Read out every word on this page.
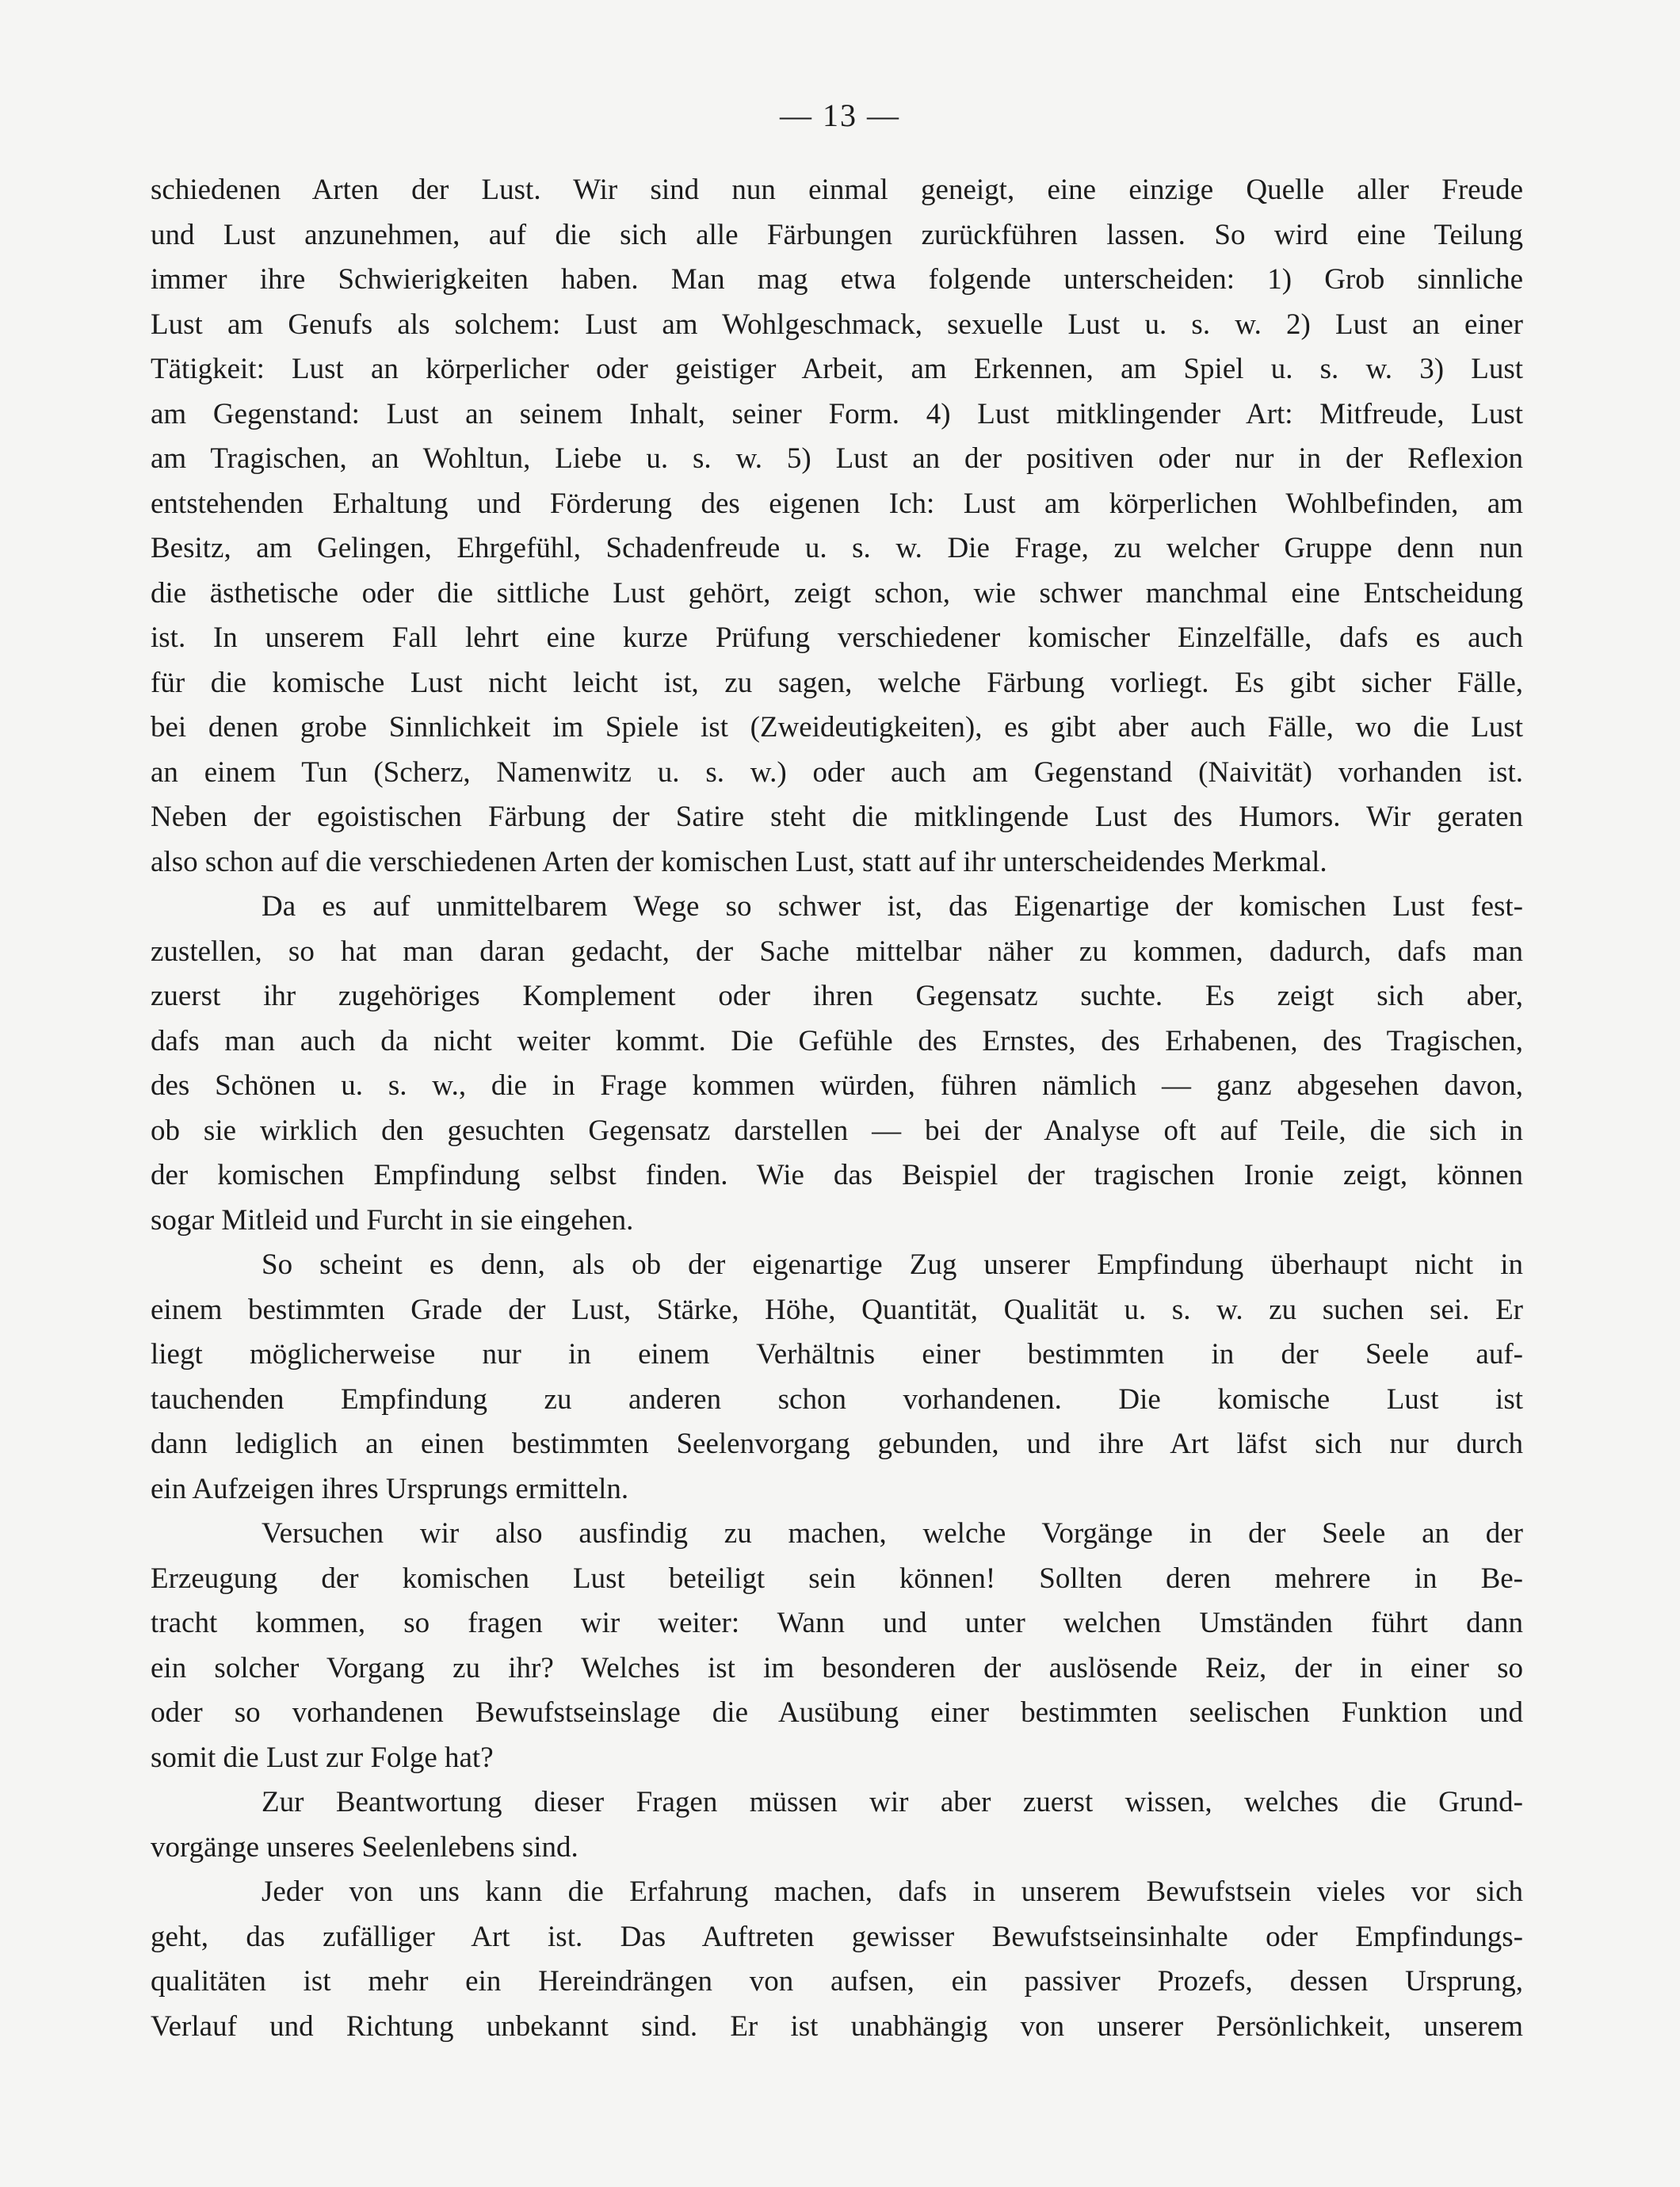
— 13 —
schiedenen Arten der Lust. Wir sind nun einmal geneigt, eine einzige Quelle aller Freude
und Lust anzunehmen, auf die sich alle Färbungen zurückführen lassen. So wird eine Teilung
immer ihre Schwierigkeiten haben. Man mag etwa folgende unterscheiden: 1) Grob sinnliche
Lust am Genufs als solchem: Lust am Wohlgeschmack, sexuelle Lust u. s. w. 2) Lust an einer
Tätigkeit: Lust an körperlicher oder geistiger Arbeit, am Erkennen, am Spiel u. s. w. 3) Lust
am Gegenstand: Lust an seinem Inhalt, seiner Form. 4) Lust mitklingender Art: Mitfreude, Lust
am Tragischen, an Wohltun, Liebe u. s. w. 5) Lust an der positiven oder nur in der Reflexion
entstehenden Erhaltung und Förderung des eigenen Ich: Lust am körperlichen Wohlbefinden, am
Besitz, am Gelingen, Ehrgefühl, Schadenfreude u. s. w. Die Frage, zu welcher Gruppe denn nun
die ästhetische oder die sittliche Lust gehört, zeigt schon, wie schwer manchmal eine Entscheidung
ist. In unserem Fall lehrt eine kurze Prüfung verschiedener komischer Einzelfälle, dafs es auch
für die komische Lust nicht leicht ist, zu sagen, welche Färbung vorliegt. Es gibt sicher Fälle,
bei denen grobe Sinnlichkeit im Spiele ist (Zweideutigkeiten), es gibt aber auch Fälle, wo die Lust
an einem Tun (Scherz, Namenwitz u. s. w.) oder auch am Gegenstand (Naivität) vorhanden ist.
Neben der egoistischen Färbung der Satire steht die mitklingende Lust des Humors. Wir geraten
also schon auf die verschiedenen Arten der komischen Lust, statt auf ihr unterscheidendes Merkmal.
Da es auf unmittelbarem Wege so schwer ist, das Eigenartige der komischen Lust fest-
zustellen, so hat man daran gedacht, der Sache mittelbar näher zu kommen, dadurch, dafs man
zuerst ihr zugehöriges Komplement oder ihren Gegensatz suchte. Es zeigt sich aber,
dafs man auch da nicht weiter kommt. Die Gefühle des Ernstes, des Erhabenen, des Tragischen,
des Schönen u. s. w., die in Frage kommen würden, führen nämlich — ganz abgesehen davon,
ob sie wirklich den gesuchten Gegensatz darstellen — bei der Analyse oft auf Teile, die sich in
der komischen Empfindung selbst finden. Wie das Beispiel der tragischen Ironie zeigt, können
sogar Mitleid und Furcht in sie eingehen.
So scheint es denn, als ob der eigenartige Zug unserer Empfindung überhaupt nicht in
einem bestimmten Grade der Lust, Stärke, Höhe, Quantität, Qualität u. s. w. zu suchen sei. Er
liegt möglicherweise nur in einem Verhältnis einer bestimmten in der Seele auf-
tauchenden Empfindung zu anderen schon vorhandenen. Die komische Lust ist
dann lediglich an einen bestimmten Seelenvorgang gebunden, und ihre Art läfst sich nur durch
ein Aufzeigen ihres Ursprungs ermitteln.
Versuchen wir also ausfindig zu machen, welche Vorgänge in der Seele an der
Erzeugung der komischen Lust beteiligt sein können! Sollten deren mehrere in Be-
tracht kommen, so fragen wir weiter: Wann und unter welchen Umständen führt dann
ein solcher Vorgang zu ihr? Welches ist im besonderen der auslösende Reiz, der in einer so
oder so vorhandenen Bewufstseinslage die Ausübung einer bestimmten seelischen Funktion und
somit die Lust zur Folge hat?
Zur Beantwortung dieser Fragen müssen wir aber zuerst wissen, welches die Grund-
vorgänge unseres Seelenlebens sind.
Jeder von uns kann die Erfahrung machen, dafs in unserem Bewufstsein vieles vor sich
geht, das zufälliger Art ist. Das Auftreten gewisser Bewufstseinsinhalte oder Empfindungs-
qualitäten ist mehr ein Hereindrängen von aufsen, ein passiver Prozefs, dessen Ursprung,
Verlauf und Richtung unbekannt sind. Er ist unabhängig von unserer Persönlichkeit, unserem
